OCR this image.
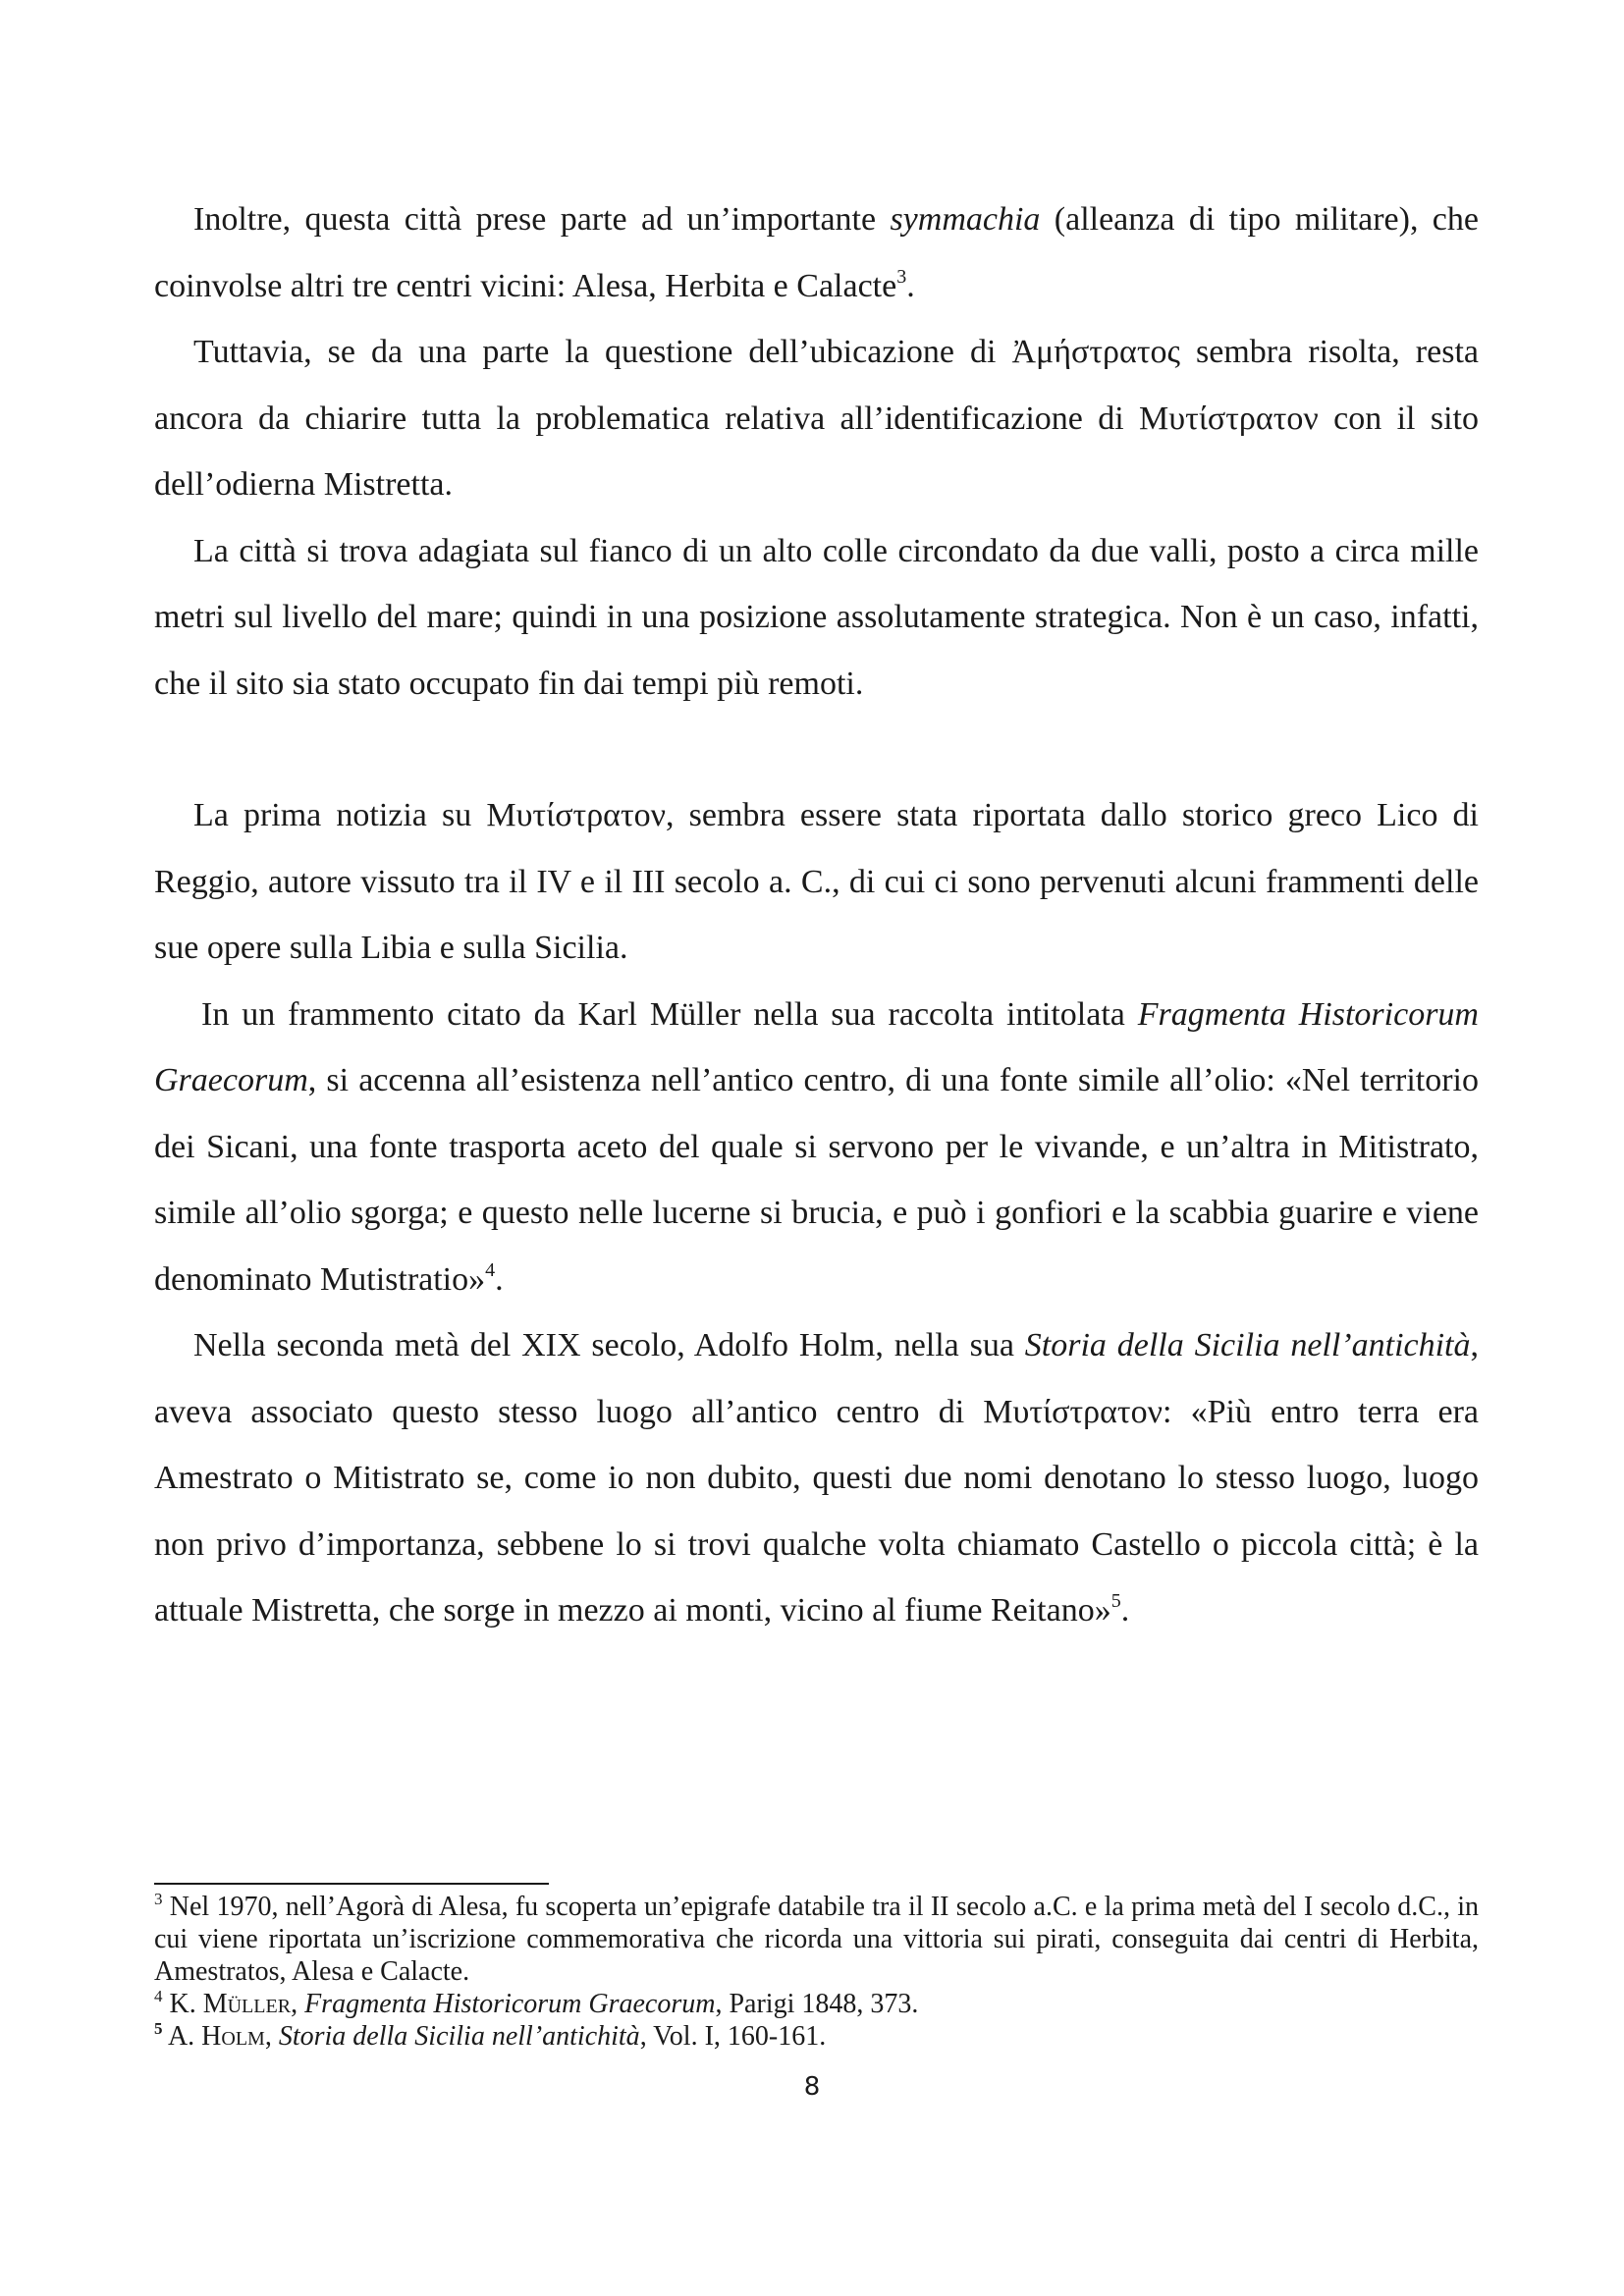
Inoltre, questa città prese parte ad un’importante symmachia (alleanza di tipo militare), che coinvolse altri tre centri vicini: Alesa, Herbita e Calacte$^3$.

Tuttavia, se da una parte la questione dell’ubicazione di Ἀμήστρατος sembra risolta, resta ancora da chiarire tutta la problematica relativa all’identificazione di Μυτίστρατον con il sito dell’odierna Mistretta.

La città si trova adagiata sul fianco di un alto colle circondato da due valli, posto a circa mille metri sul livello del mare; quindi in una posizione assolutamente strategica. Non è un caso, infatti, che il sito sia stato occupato fin dai tempi più remoti.

La prima notizia su Μυτίστρατον, sembra essere stata riportata dallo storico greco Lico di Reggio, autore vissuto tra il IV e il III secolo a. C., di cui ci sono pervenuti alcuni frammenti delle sue opere sulla Libia e sulla Sicilia.

In un frammento citato da Karl Müller nella sua raccolta intitolata Fragmenta Historicorum Graecorum, si accenna all’esistenza nell’antico centro, di una fonte simile all’olio: «Nel territorio dei Sicani, una fonte trasporta aceto del quale si servono per le vivande, e un’altra in Mitistrato, simile all’olio sgorga; e questo nelle lucerne si brucia, e può i gonfiori e la scabbia guarire e viene denominato Mutistratio»$^4$.

Nella seconda metà del XIX secolo, Adolfo Holm, nella sua Storia della Sicilia nell’antichità, aveva associato questo stesso luogo all’antico centro di Μυτίστρατον: «Più entro terra era Amestrato o Mitistrato se, come io non dubito, questi due nomi denotano lo stesso luogo, luogo non privo d’importanza, sebbene lo si trovi qualche volta chiamato Castello o piccola città; è la attuale Mistretta, che sorge in mezzo ai monti, vicino al fiume Reitano»$^5$.

$^3$ Nel 1970, nell’Agorà di Alesa, fu scoperta un’epigrafe databile tra il II secolo a.C. e la prima metà del I secolo d.C., in cui viene riportata un’iscrizione commemorativa che ricorda una vittoria sui pirati, conseguita dai centri di Herbita, Amestratos, Alesa e Calacte.

$^4$ K. Müller, Fragmenta Historicorum Graecorum, Parigi 1848, 373.

$^5$ A. Holm, Storia della Sicilia nell’antichità, Vol. I, 160-161.

8
